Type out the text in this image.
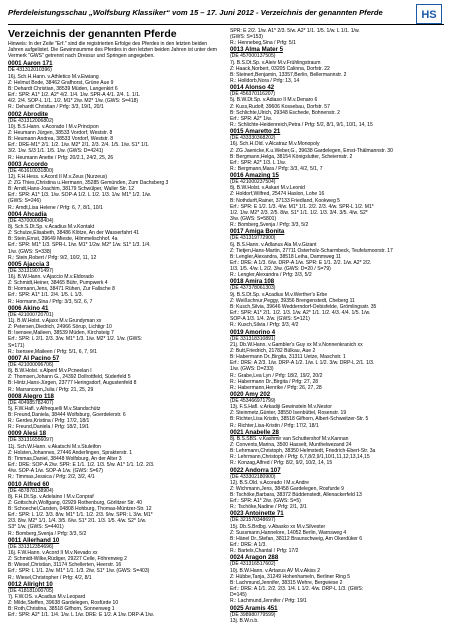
Pferdeleistungsschau „Wolfsburg Klassiker“ vom 15 – 17. Juni 2012 - Verzeichnis der genannten Pferde	HS
Verzeichnis der genannten Pferde
Hinweis: In der Zeile "Erf." sind die registrierten Erfolge des Pferdes in den letzten beiden Jahren aufgelistet. Die Gewinnsumme des Pferdes in den letzten beiden Jahren ist unter dem Vermerk "GWS" getrennt nach Dressur und Springen angegeben.
0001 Aaron 171
DE 431312010396)
16j. Sch.H.Hann. v.Athletico M.v.Eiwiang
Z: Helmut Bode, 38462 Grafhorst, Grüne Aue 9
B: Dehardt Christian, 38539 Müden, Langenkirt 6
Erf.: SPR: A1* 1/2. A2* 4/2. 1/4. 1/w. SPR-A 4/1. 2/4. 1. 1/1.
4/2. 2/4. SOP-L 1/1. 1/2. M1* 2/w. M2* 1/w. (GWS: S=418)
R.: Dehardt Christian / Prfg: 3/3, 19/1, 20/1
0002 Abrodite
(DE 431312006802)
10j. B.S.Hann. v.Acorado I M.v.Principon
Z: Heumann Jürgen, 38533 Vordorf, Weststr. 8
B: Heumann Andrea, 38533 Vordorf, Weststr. 8
Erf.: DRE-M1* 2/1. 1/2. 1/w. M2* 2/1. 2/3. 2/4. 1/5. 1/w. S1* 1/1.
3/2. 1/w. S/3 1/1. 1/5. 1/w. (GWS: D=4241)
R.: Heumann Anette / Prfg: 20/2.1, 24/2, 25, 26
0003 Accordo
(DE 461610031800)
12j. F.H.Hess. v.Acord II M.v.Zeus (Nurzeus)
Z: ZG Thies,Christina u.Hermann, 35285 Gemünden, Zum Dachsberg 3
B: Arndt,Hans-Joachim, 38179 Schwülper, Waller Str. 12
Erf.: SPR: A1* 1/3. 1/w. SOP-A 1/2. L 1/2. 1/3. 1/w. M1* 1/2. 1/w.
(GWS: S=246)
R.: Arndt,Lisa Helene / Prfg: 6, 7, 8/1, 10/1
0004 Ahcadia
(DE 437000068404)
8j. Sch.S.Dt.Sp. v.Acadius M.v.Kontakt
Z: Schulze,Elisabeth, 38486 Klötze, An der Wasserfahrt 41
B: Stein,Ernst, 39649 Mieste, Hilmmelischhof. 4a
Erf.: SPR: M1* 1/3. SPR-L 1/w. M1* 1/2w. M2* 1/w. S1* 1/3. 1/4.
1/w. (GWS: S=338)
R.: Stein,Robert / Prfg: 9/2, 10/2, 11, 12
0005 Ajaccia 3
(DE 331319071497)
16j. B.W.Hann. v.Ajaccio M.v.Eldorado
Z: Schmidt,Heiner, 38465 Bühr, Pumpwerk 4
B: Hormann,Jens, 38471 Rühen, Zur Fallsche 8
Erf.: SPR: A1* 1/1. 2/4. 1/5. L 1/3.
R.: Hormann,Sina / Prfg: 3/3, 5/2, 6, 7
0006 Akino 41
(DE 421000720701)
11j. B.W.Holst. v.Ajaxx M.v.Grundyman xx
Z: Petersen,Diedrich, 24966 Sörup, Lichtigr 10
B: Isensee,Maileen, 38539 Müden, Kirchsteig 7
Erf.: SPR: L 2/1. 2/3. 3/w. M1* 1/3. 1/w. M2* 1/2. 1/w. (GWS:
S=171)
R.: Isensee,Maileen / Prfg: 5/1, 6, 7, 9/1
0007 Al Pacino 57
(DE 421000096706)
8j. B.W.Holst. v.Alpenl M.v.Pcneelan I
Z: Thomsen,Johann G., 24392 Dollrottfeld, Süderfeld 5
B: Hintz,Hans-Jürgen, 23777 Heringsdorf, Augustenfeld 8
R.: Marranconn,Julia / Prfg: 21, 25, 29
0008 Alegro 118
(DE 404985782407)
5j. F.W.Hafl. v.Alfrequelli M.v.Standschütz
B: Freund,Daniela, 38444 Wolfsburg, Goerdelerstr. 6
R.: Gerdes,Kristina / Prfg: 17/2, 18/1
R.: Freund,Daniela / Prfg: 18/2, 19/1
0009 Alesi 18
(DE 331316556097)
11j. Sch.W.Hann. v.Akatschi M.v.Stuleifon
Z: Holsten,Johannes, 27446 Anderlingen, Sprakterstr. 1
B: Timmas,Daniel, 38448 Wolfsburg, An der Alter 3
Erf.: DRE: SOP-A 2/w. SPR: E 1/1. 1/2. 1/3. 5/w. A1* 1/1. 1/2. 2/3.
4/w. SOP-A 1/w. SOP-A 1/w. (GWS: S=67)
R.: Timmas,Jessica / Prfg: 2/2, 3/2, 4/1
0010 Alfred 60
(DE 487878138904)
8j. F.H.Dt.Sp. v.Adelaino I M.v.Conpraf
Z: Gottschuh,Wolfgang, 02929 Rothenburg, Görlitzer Str. 40
B: Schoechel,Carsten, 04808 Hohburg, Thomas-Müntzer-Str. 12
Erf.: SPR: L 1/2. 3/3. 8/w. M1* 1/1. 1/2. 2/3. 9/w. SPR: L 3/w. M1*
2/3. 8/w. M2* 1/1. 1/4. 3/5. 6/w. S1* 2/1. 1/3. 1/5. 4/w. S2* 1/w.
S3* 1/w. (GWS: S=4401)
R.: Bomberg,Svenja / Prfg: 3/3, 5/2
0011 Allerhand 10
(DE 331312354696)
16j. F.W.Hann. v.Acord II M.v.Nevado xx
Z: Schmidt-Wilke,Rüdiger, 29227 Celle, Föhrenweg 2
B: Wiesel,Christian, 31174 Schellerten, Heerstr. 16
Erf.: SPR: L 1/1. 2/w. M1* 1/1. 1/3. 2/w. S1* 1/w. (GWS: S=403)
R.: Wiesel,Christopher / Prfg: 4/2, 8/1
0012 Allright 10
(DE 418181000705)
7j. F.W.OS. v.Acadius M.v.Leopard
Z: Milde,Steffen, 39638 Gardelegen, Rosfürde 10
B: Roth,Christina, 38518 Gifhorn, Sonnenweg 1
Erf.: SPR: A2* 1/1. 1/4. 1/w. L 1/w. DRE: E 1/2. A 1/w. DRP-A 1/w.
SPR: E 2/2. 1/w. A1* 2/3. 5/w. A2* 1/1. 1/5. 1/w. L 1/1. 1/w.
(GWS: S=153)
R.: Hennebeg,Sina / Prfg: 5/1
0013 Alma Mater 5
(DE 457000137505)
7j. B.S.Dt.Sp. v.Aleiv M.v.Frühlingstraum
Z: Haack,Norbert, 03205 Calinna, Dorfstr. 22
B: Steinert,Benjamin, 13357,Berlin, Bellermannstr. 2
R.: Holldorb,Nora / Prfg: 13, 14
0014 Alonso 42
(DE 456370116207)
5j. B.W.Dt.Sp. v.Adiaso II M.v.Denaro 6
Z: Kuss,Rudolf, 39606 Kossebau, Dorfstr. 57
B: Schlichte,Ulrich, 29348 Eschede, Bohnenstr. 2
Erf.: SPR: A2* 1/w.
R.: Schlichte-Heidenreich,Petra / Prfg: 5/2, 8/1, 9/1, 10/1, 14, 15
0015 Amaretto 21
(DE 433330368202)
16j. Sch.H.Old. v.Alcatraz M.v.Monopoly
Z: ZG Jaenicke,K.u.Weber,G., 39638 Gardelegen, Ernst-Thälmannstr. 30
B: Bergmann,Helga, 38154 Königslutter, Scheiernstr. 2
Erf.: SPR: A2* 1/3. L 1/w.
R.: Bergmann,Mara / Prfg: 3/3, 4/2, 5/1, 7
0016 Amazing 15
(DE 421000237504)
8j. B.W.Holst. v.Askari M.v.Leonid
Z: Holdorf,Wilfred, 25474 Haslon, Lohe 16
B: Nothdurft,Rainer, 37133 Friedland, Kookweg 5
Erf.: SPR: E 1/2. 1/3. 4/w. M1* 1/1. 2/2. 2/3. 4/w. SPR-L 1/2. M1*
1/2. 1/w. M2* 2/3. 2/5. 8/w. S1* 1/1. 1/2. 1/3. 3/4. 3/5. 4/w. S2*
3/w. (GWS: S=5801)
R.: Bomberg,Svenja / Prfg: 3/3, 5/2
0017 Amiga Bonita
(DE 431319772900)
6j. B.S.Hann. v.Adlanus Ala M.v.Gizant
Z: Tietjen,Hans-Martin, 27711 Osterholz-Scharmbeck, Teufelsmoorstr. 17
B: Lengler,Alexandra, 38518 Leiha, Dammweg 11
Erf.: DRE: A 1/3. 6/w. DRP-A 1/w. SPR: E 1/1. 2/2. 1/w. A2* 2/2.
1/3. 1/5. 4/w. L 2/2. 3/w. (GWS: D=20 / S=79)
R.: Lengler,Alexandra / Prfg: 3/3, 5/2
0018 Amira 108
(DE 437378061303)
9j. B.S.Dt.Sp. v.Acadius M.v.Werther's Erbe
Z: Weißschnur,Peggy, 39356 Brengenstedt, Cheberg 11
B: Kusch,Silvia, 39646 Wedderndorf-Oebisfelde, Grömlingsstr. 35
Erf.: SPR: A1* 2/1. 1/2. 1/3. 1/w. A2* 1/1. 1/2. 4/3. 4/4. 1/5. 1/w.
SOP-A 1/3. 1/4. 2/w. (GWS: S=121)
R.: Kusch,Silvia / Prfg: 3/3, 4/2
0019 Amorino 4
(DE 331318310891)
21j. Db.W.Hann. v.Gambler's Guy xx M.v.Nonnenkranich xx
Z: Butt,Friedrich, 21782 Bülkau, Aue 2
B: Habermann Dr.,Birgita, 31311 Uetze, Maschstr. 1
Erf.: DRE: A 2/3. 1/w. DRP-A 1/2. 1/w. L 1/2. 3/w. DRP-L 2/1. 1/3.
1/w. (GWS: D=233)
R.: Grabe,Lea Lyn / Prfg: 18/2, 19/2, 20/2
R.: Habermann Dr.,Birgita / Prfg: 27, 28
R.: Habermann,Henrike / Prfg: 26, 27, 28
0020 Amy 202
(DE 453466971799)
13j. F.S.Hafl. v.Arkadiji Gewinstein M.v.Nestor
Z: Steinmetz,Günter, 38550 Isenbüttel, Rosenstr. 19
B: Richter,Lisa Kristin, 38518 Gifhorn, Albert-Schweitzer-Str. 5
R.: Richter,Lisa-Kristin / Prfg: 17/2, 18/1
0021 Anabelle 28
8j. B.S.SBS. v.Kashmir van Schuttershof M.v.Kannan
Z: Convents,Marina, 3500 Hasselt, Munthelwezand 24
B: Lehrmann,Christoph, 38350 Helmstedt, Friedrich-Ebert-Str. 3a
R.: Lehrmann,Christoph / Prfg: 6,7,8/2,9/1,10/1,11,12,13,14,15
R.: Konzag,Alfred / Prfg: 8/2, 9/2, 10/2, 14, 15
0022 Andorra 107
(DE 433302180900)
12j. B.S.Old. v.Acorado I M.v.Andre
Z: Wichmann,Jens, 38458 Gardelegen, Rosfurde 9
B: Tschöke,Barbara, 38372 Büddenstedt, Allenackerfeld 13
Erf.: SPR: A1* 2/w. (GWS: S=5)
R.: Tschöke,Nadine / Prfg: 2/1, 3/1
0023 Antoinette 71
(DE 321570348697)
15j. Db.S.Brdbg. v.Abasko xx M.v.Silvester
Z: Sussmann,Hannelore, 14052 Berlin, Warnsweg 4
B: Hänel Dr.,Stefan, 38112 Braunschweig, Am Okerdüker 6
Erf.: DRE: A 1/3.
R.: Bartels,Chantal / Prfg: 17/2
0024 Aragon 288
(DE 431316517602)
10j. B.W.Hann. v.Artaxus AV M.v.Akiss 2
Z: Hübbe,Tanja, 31249 Hohenhameln, Berliner Ring 5
B: Lachmund,Jennifer, 38315 Wehre, Bergwiese 2
Erf.: DRE: A 1/1. 2/2. 2/3. 1/4. L 1/2. 4/w. DRP-L 1/3. (GWS:
D=145)
R.: Lachmund,Jennifer / Prfg: 19/1
0025 Aramis 451
(DE 398980779599)
13j. B.W.n.b.
